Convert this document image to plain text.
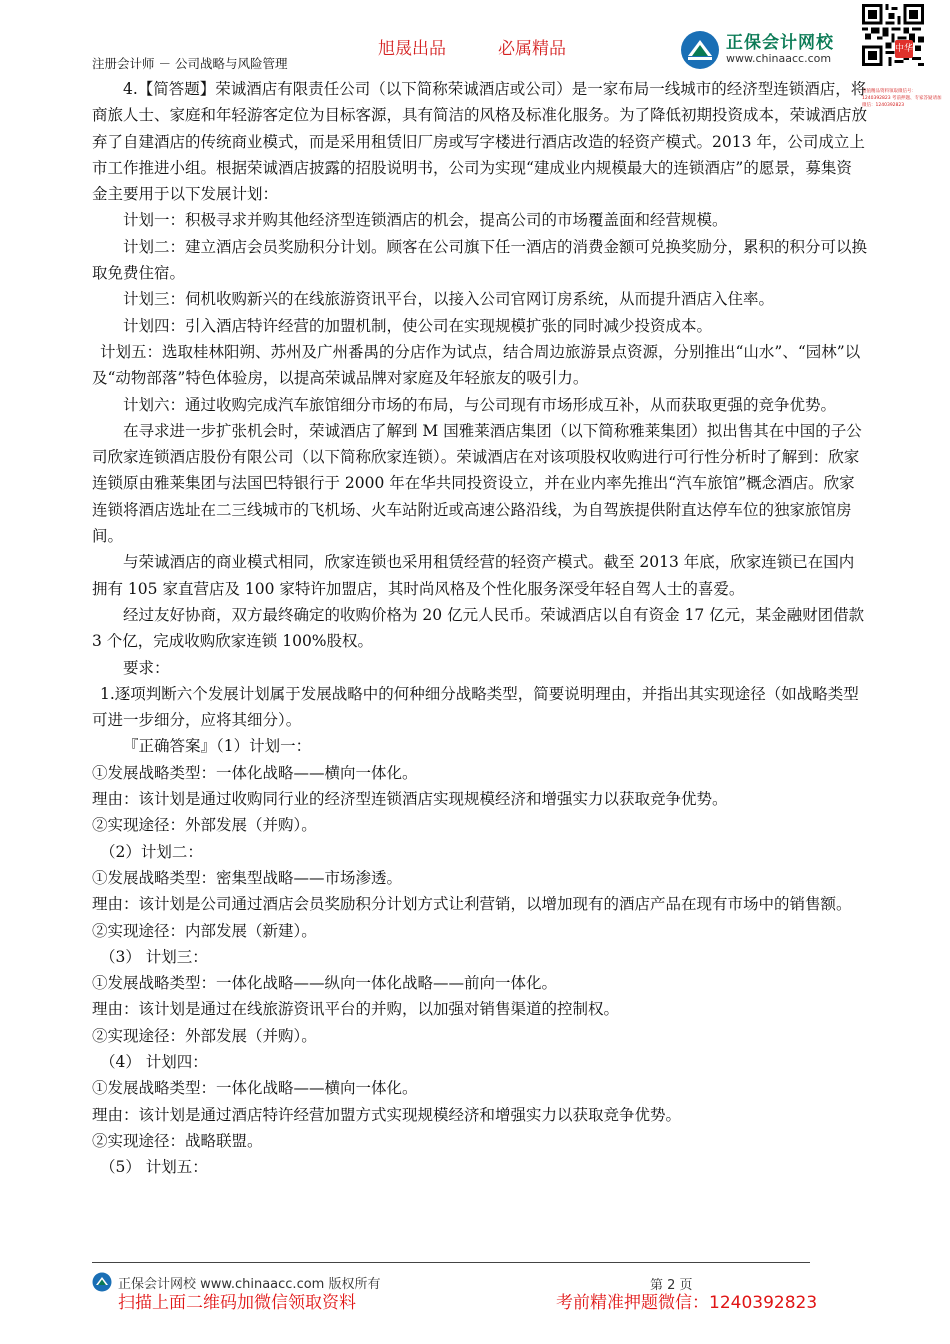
旭晟出品	必属精品
注册会计师 － 公司战略与风险管理
正保会计网校
www.chinaacc.com
中华
超值精品资料领取微信号：1240392823 考前押题、专家答疑请加微信：1240392823

4.【简答题】荣诚酒店有限责任公司（以下简称荣诚酒店或公司）是一家布局一线城市的经济型连锁酒店，将商旅人士、家庭和年轻游客定位为目标客源，具有简洁的风格及标准化服务。为了降低初期投资成本，荣诚酒店放弃了自建酒店的传统商业模式，而是采用租赁旧厂房或写字楼进行酒店改造的轻资产模式。2013 年，公司成立上市工作推进小组。根据荣诚酒店披露的招股说明书，公司为实现“建成业内规模最大的连锁酒店”的愿景，募集资金主要用于以下发展计划：

计划一：积极寻求并购其他经济型连锁酒店的机会，提高公司的市场覆盖面和经营规模。

计划二：建立酒店会员奖励积分计划。顾客在公司旗下任一酒店的消费金额可兑换奖励分，累积的积分可以换取免费住宿。

计划三：伺机收购新兴的在线旅游资讯平台，以接入公司官网订房系统，从而提升酒店入住率。

计划四：引入酒店特许经营的加盟机制，使公司在实现规模扩张的同时减少投资成本。

计划五：选取桂林阳朔、苏州及广州番禺的分店作为试点，结合周边旅游景点资源，分别推出“山水”、“园林”以及“动物部落”特色体验房，以提高荣诚品牌对家庭及年轻旅友的吸引力。

计划六：通过收购完成汽车旅馆细分市场的布局，与公司现有市场形成互补，从而获取更强的竞争优势。

在寻求进一步扩张机会时，荣诚酒店了解到 M 国雅莱酒店集团（以下简称雅莱集团）拟出售其在中国的子公司欣家连锁酒店股份有限公司（以下简称欣家连锁）。荣诚酒店在对该项股权收购进行可行性分析时了解到：欣家连锁原由雅莱集团与法国巴特银行于 2000 年在华共同投资设立，并在业内率先推出“汽车旅馆”概念酒店。欣家连锁将酒店选址在二三线城市的飞机场、火车站附近或高速公路沿线，为自驾族提供附直达停车位的独家旅馆房间。

与荣诚酒店的商业模式相同，欣家连锁也采用租赁经营的轻资产模式。截至 2013 年底，欣家连锁已在国内拥有 105 家直营店及 100 家特许加盟店，其时尚风格及个性化服务深受年轻自驾人士的喜爱。

经过友好协商，双方最终确定的收购价格为 20 亿元人民币。荣诚酒店以自有资金 17 亿元，某金融财团借款 3 个亿，完成收购欣家连锁 100%股权。

要求：

1.逐项判断六个发展计划属于发展战略中的何种细分战略类型，简要说明理由，并指出其实现途径（如战略类型可进一步细分，应将其细分）。

『正确答案』（1）计划一：

①发展战略类型：一体化战略——横向一体化。

理由：该计划是通过收购同行业的经济型连锁酒店实现规模经济和增强实力以获取竞争优势。

②实现途径：外部发展（并购）。

（2）计划二：

①发展战略类型：密集型战略——市场渗透。

理由：该计划是公司通过酒店会员奖励积分计划方式让利营销，以增加现有的酒店产品在现有市场中的销售额。

②实现途径：内部发展（新建）。

（3） 计划三：

①发展战略类型：一体化战略——纵向一体化战略——前向一体化。

理由：该计划是通过在线旅游资讯平台的并购，以加强对销售渠道的控制权。

②实现途径：外部发展（并购）。

（4） 计划四：

①发展战略类型：一体化战略——横向一体化。

理由：该计划是通过酒店特许经营加盟方式实现规模经济和增强实力以获取竞争优势。

②实现途径：战略联盟。

（5） 计划五：

正保会计网校 www.chinaacc.com 版权所有	第 2 页
扫描上面二维码加微信领取资料	考前精准押题微信：1240392823
